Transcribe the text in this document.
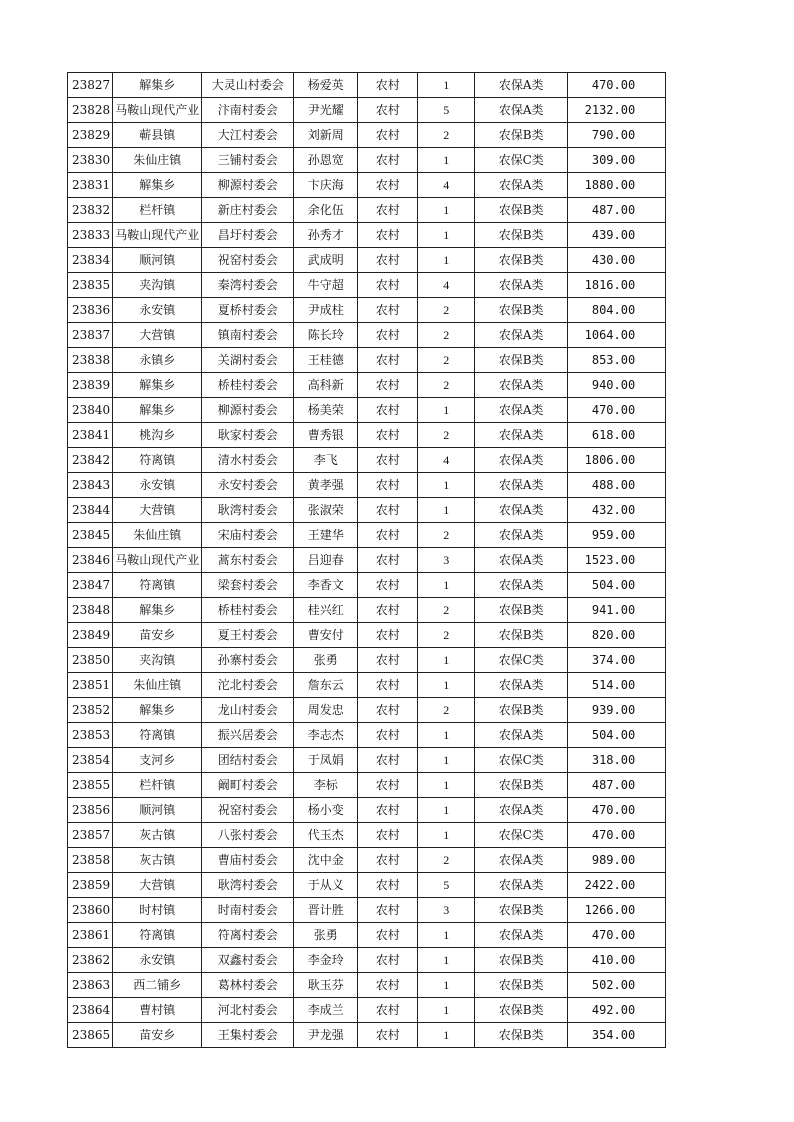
23827	解集乡	大灵山村委会	杨爱英	农村	1	农保A类	470.00
23828	马鞍山现代产业	汴南村委会	尹光耀	农村	5	农保A类	2132.00
23829	蕲县镇	大江村委会	刘新周	农村	2	农保B类	790.00
23830	朱仙庄镇	三铺村委会	孙恩宽	农村	1	农保C类	309.00
23831	解集乡	柳源村委会	卞庆海	农村	4	农保A类	1880.00
23832	栏杆镇	新庄村委会	余化伍	农村	1	农保B类	487.00
23833	马鞍山现代产业	昌圩村委会	孙秀才	农村	1	农保B类	439.00
23834	顺河镇	祝窑村委会	武成明	农村	1	农保B类	430.00
23835	夹沟镇	秦湾村委会	牛守超	农村	4	农保A类	1816.00
23836	永安镇	夏桥村委会	尹成柱	农村	2	农保B类	804.00
23837	大营镇	镇南村委会	陈长玲	农村	2	农保A类	1064.00
23838	永镇乡	关湖村委会	王桂德	农村	2	农保B类	853.00
23839	解集乡	桥桂村委会	高科新	农村	2	农保A类	940.00
23840	解集乡	柳源村委会	杨美荣	农村	1	农保A类	470.00
23841	桃沟乡	耿家村委会	曹秀银	农村	2	农保A类	618.00
23842	符离镇	清水村委会	李飞	农村	4	农保A类	1806.00
23843	永安镇	永安村委会	黄孝强	农村	1	农保A类	488.00
23844	大营镇	耿湾村委会	张淑荣	农村	1	农保A类	432.00
23845	朱仙庄镇	宋庙村委会	王建华	农村	2	农保A类	959.00
23846	马鞍山现代产业	蒿东村委会	吕迎春	农村	3	农保A类	1523.00
23847	符离镇	梁套村委会	李香文	农村	1	农保A类	504.00
23848	解集乡	桥桂村委会	桂兴红	农村	2	农保B类	941.00
23849	苗安乡	夏王村委会	曹安付	农村	2	农保B类	820.00
23850	夹沟镇	孙寨村委会	张勇	农村	1	农保C类	374.00
23851	朱仙庄镇	沱北村委会	詹东云	农村	1	农保A类	514.00
23852	解集乡	龙山村委会	周发忠	农村	2	农保B类	939.00
23853	符离镇	振兴居委会	李志杰	农村	1	农保A类	504.00
23854	支河乡	团结村委会	于凤娟	农村	1	农保C类	318.00
23855	栏杆镇	阚町村委会	李标	农村	1	农保B类	487.00
23856	顺河镇	祝窑村委会	杨小变	农村	1	农保A类	470.00
23857	灰古镇	八张村委会	代玉杰	农村	1	农保C类	470.00
23858	灰古镇	曹庙村委会	沈中金	农村	2	农保A类	989.00
23859	大营镇	耿湾村委会	于从义	农村	5	农保A类	2422.00
23860	时村镇	时南村委会	晋计胜	农村	3	农保B类	1266.00
23861	符离镇	符离村委会	张勇	农村	1	农保A类	470.00
23862	永安镇	双鑫村委会	李金玲	农村	1	农保B类	410.00
23863	西二铺乡	葛林村委会	耿玉芬	农村	1	农保B类	502.00
23864	曹村镇	河北村委会	李成兰	农村	1	农保B类	492.00
23865	苗安乡	王集村委会	尹龙强	农村	1	农保B类	354.00
